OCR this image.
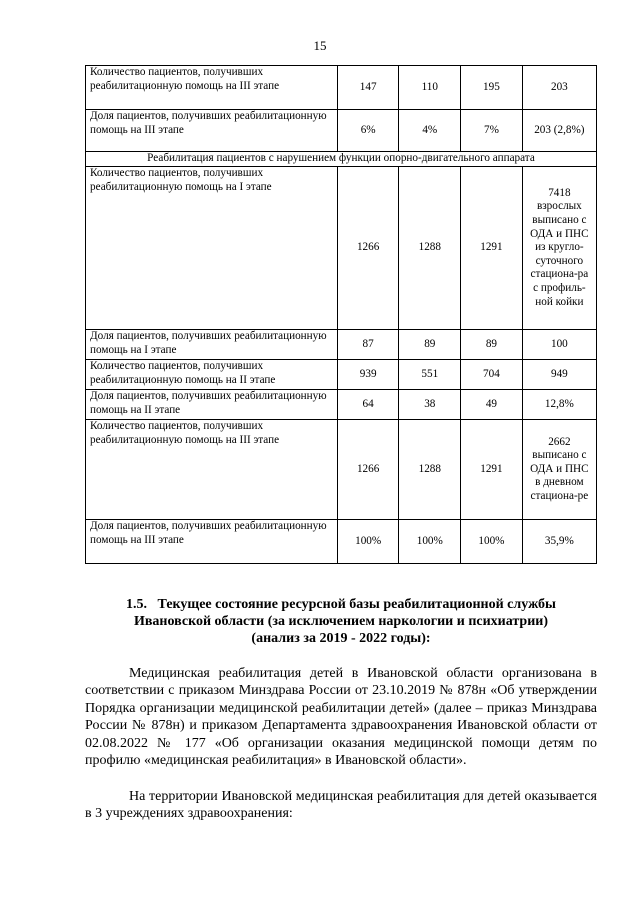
15
Количество пациентов, получивших реабилитационную помощь на III этапе	147	110	195	203
Доля пациентов, получивших реабилитационную помощь на III этапе	6%	4%	7%	203 (2,8%)
Реабилитация пациентов с нарушением функции опорно-двигательного аппарата				
Количество пациентов, получивших реабилитационную помощь на I этапе	1266	1288	1291	7418 взрослых выписано с ОДА и ПНС из кругло-суточного стациона-ра с профиль-ной койки
Доля пациентов, получивших реабилитационную помощь на I этапе	87	89	89	100
Количество пациентов, получивших реабилитационную помощь на II этапе	939	551	704	949
Доля пациентов, получивших реабилитационную помощь на II этапе	64	38	49	12,8%
Количество пациентов, получивших реабилитационную помощь на III этапе	1266	1288	1291	2662 выписано с ОДА и ПНС в дневном стациона-ре
Доля пациентов, получивших реабилитационную помощь на III этапе	100%	100%	100%	35,9%
1.5.   Текущее состояние ресурсной базы реабилитационной службы
Ивановской области (за исключением наркологии и психиатрии)
(анализ за 2019 - 2022 годы):
Медицинская реабилитация детей в Ивановской области организована в соответствии с приказом Минздрава России от 23.10.2019 № 878н «Об утверждении Порядка организации медицинской реабилитации детей» (далее – приказ Минздрава России № 878н) и приказом Департамента здравоохранения Ивановской области от 02.08.2022 № 177 «Об организации оказания медицинской помощи детям по профилю «медицинская реабилитация» в Ивановской области».
На территории Ивановской медицинская реабилитация для детей оказывается в 3 учреждениях здравоохранения:
